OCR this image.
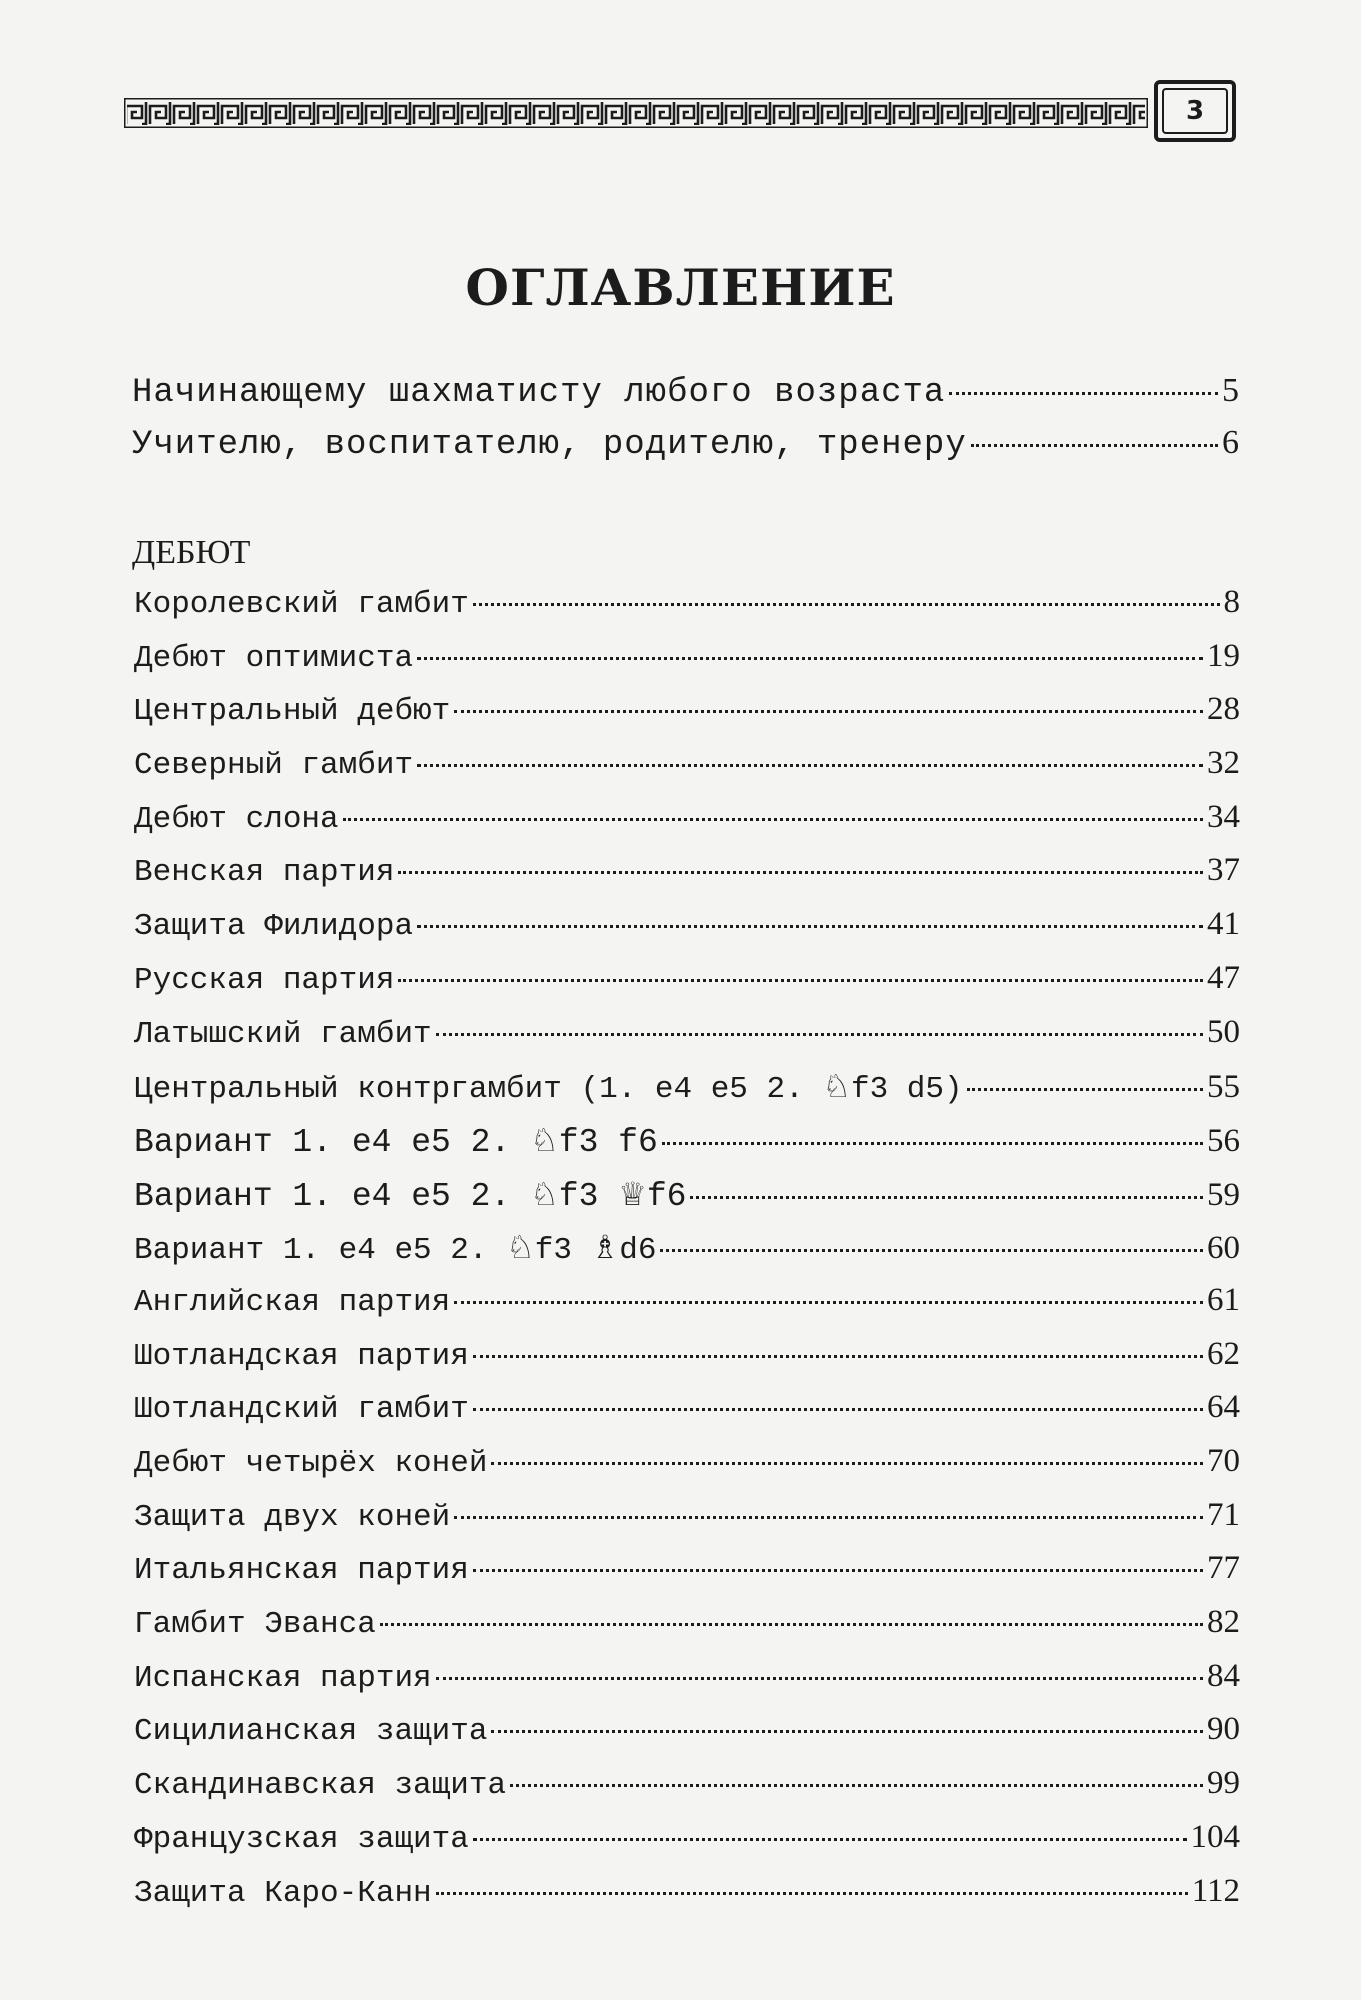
3
ОГЛАВЛЕНИЕ
Начинающему шахматисту любого возраста	5
Учителю, воспитателю, родителю, тренеру	6
ДЕБЮТ
Королевский гамбит	8
Дебют оптимиста	19
Центральный дебют	28
Северный гамбит	32
Дебют слона	34
Венская партия	37
Защита Филидора	41
Русская партия	47
Латышский гамбит	50
Центральный контргамбит (1. e4 e5 2. ♘f3 d5)	55
Вариант 1. e4 e5 2. ♘f3 f6	56
Вариант 1. e4 e5 2. ♘f3 ♕f6	59
Вариант 1. e4 e5 2. ♘f3 ♗d6	60
Английская партия	61
Шотландская партия	62
Шотландский гамбит	64
Дебют четырёх коней	70
Защита двух коней	71
Итальянская партия	77
Гамбит Эванса	82
Испанская партия	84
Сицилианская защита	90
Скандинавская защита	99
Французская защита	104
Защита Каро-Канн	112
